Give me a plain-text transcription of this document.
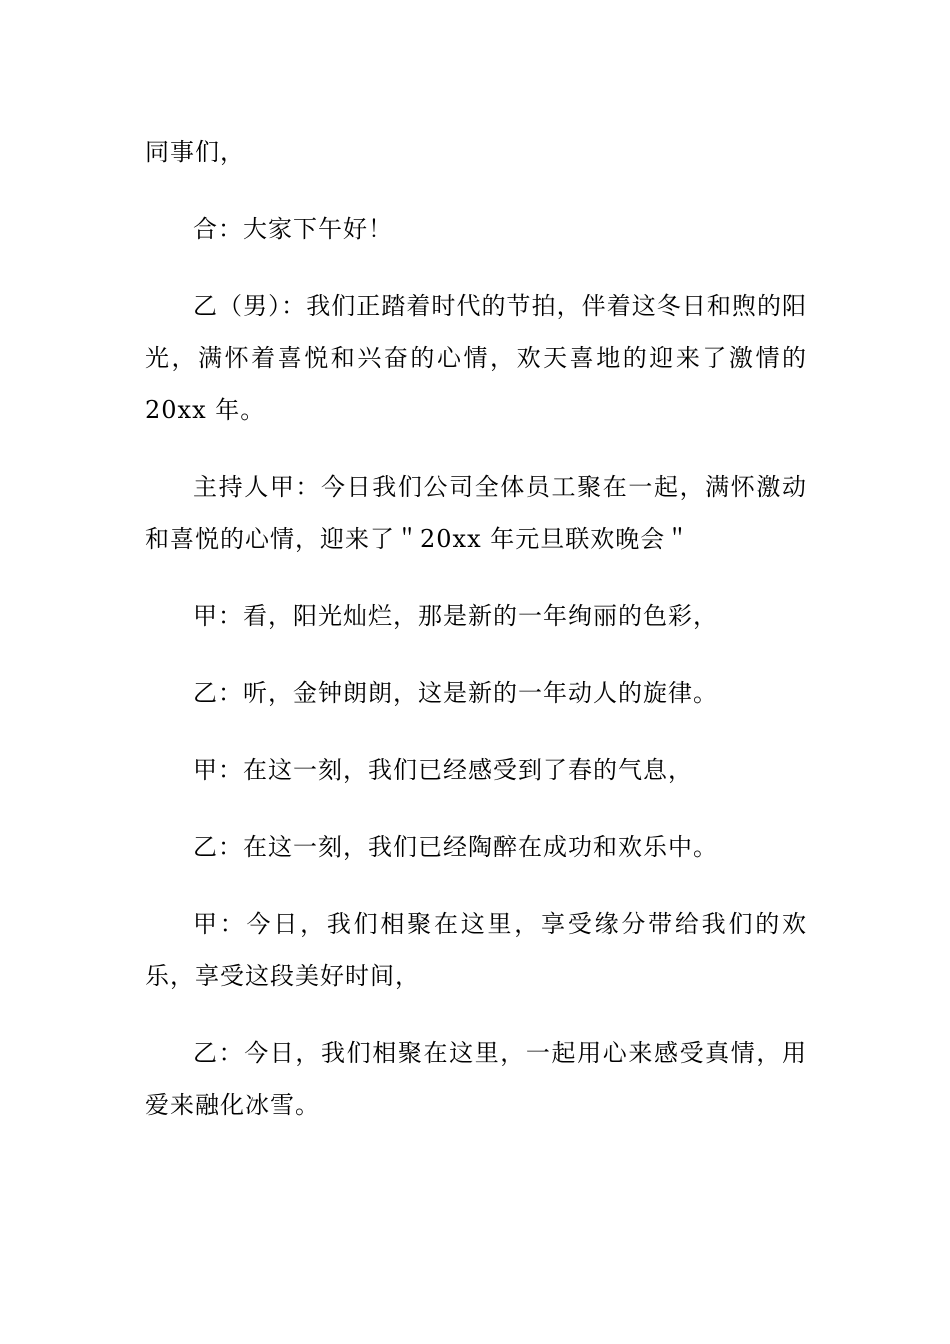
同事们，

合：大家下午好！

乙（男）：我们正踏着时代的节拍，伴着这冬日和煦的阳光，满怀着喜悦和兴奋的心情，欢天喜地的迎来了激情的 20xx 年。

主持人甲：今日我们公司全体员工聚在一起，满怀激动和喜悦的心情，迎来了＂20xx 年元旦联欢晚会＂

甲：看，阳光灿烂，那是新的一年绚丽的色彩，

乙：听，金钟朗朗，这是新的一年动人的旋律。

甲：在这一刻，我们已经感受到了春的气息，

乙：在这一刻，我们已经陶醉在成功和欢乐中。

甲：今日，我们相聚在这里，享受缘分带给我们的欢乐，享受这段美好时间，

乙：今日，我们相聚在这里，一起用心来感受真情，用爱来融化冰雪。
